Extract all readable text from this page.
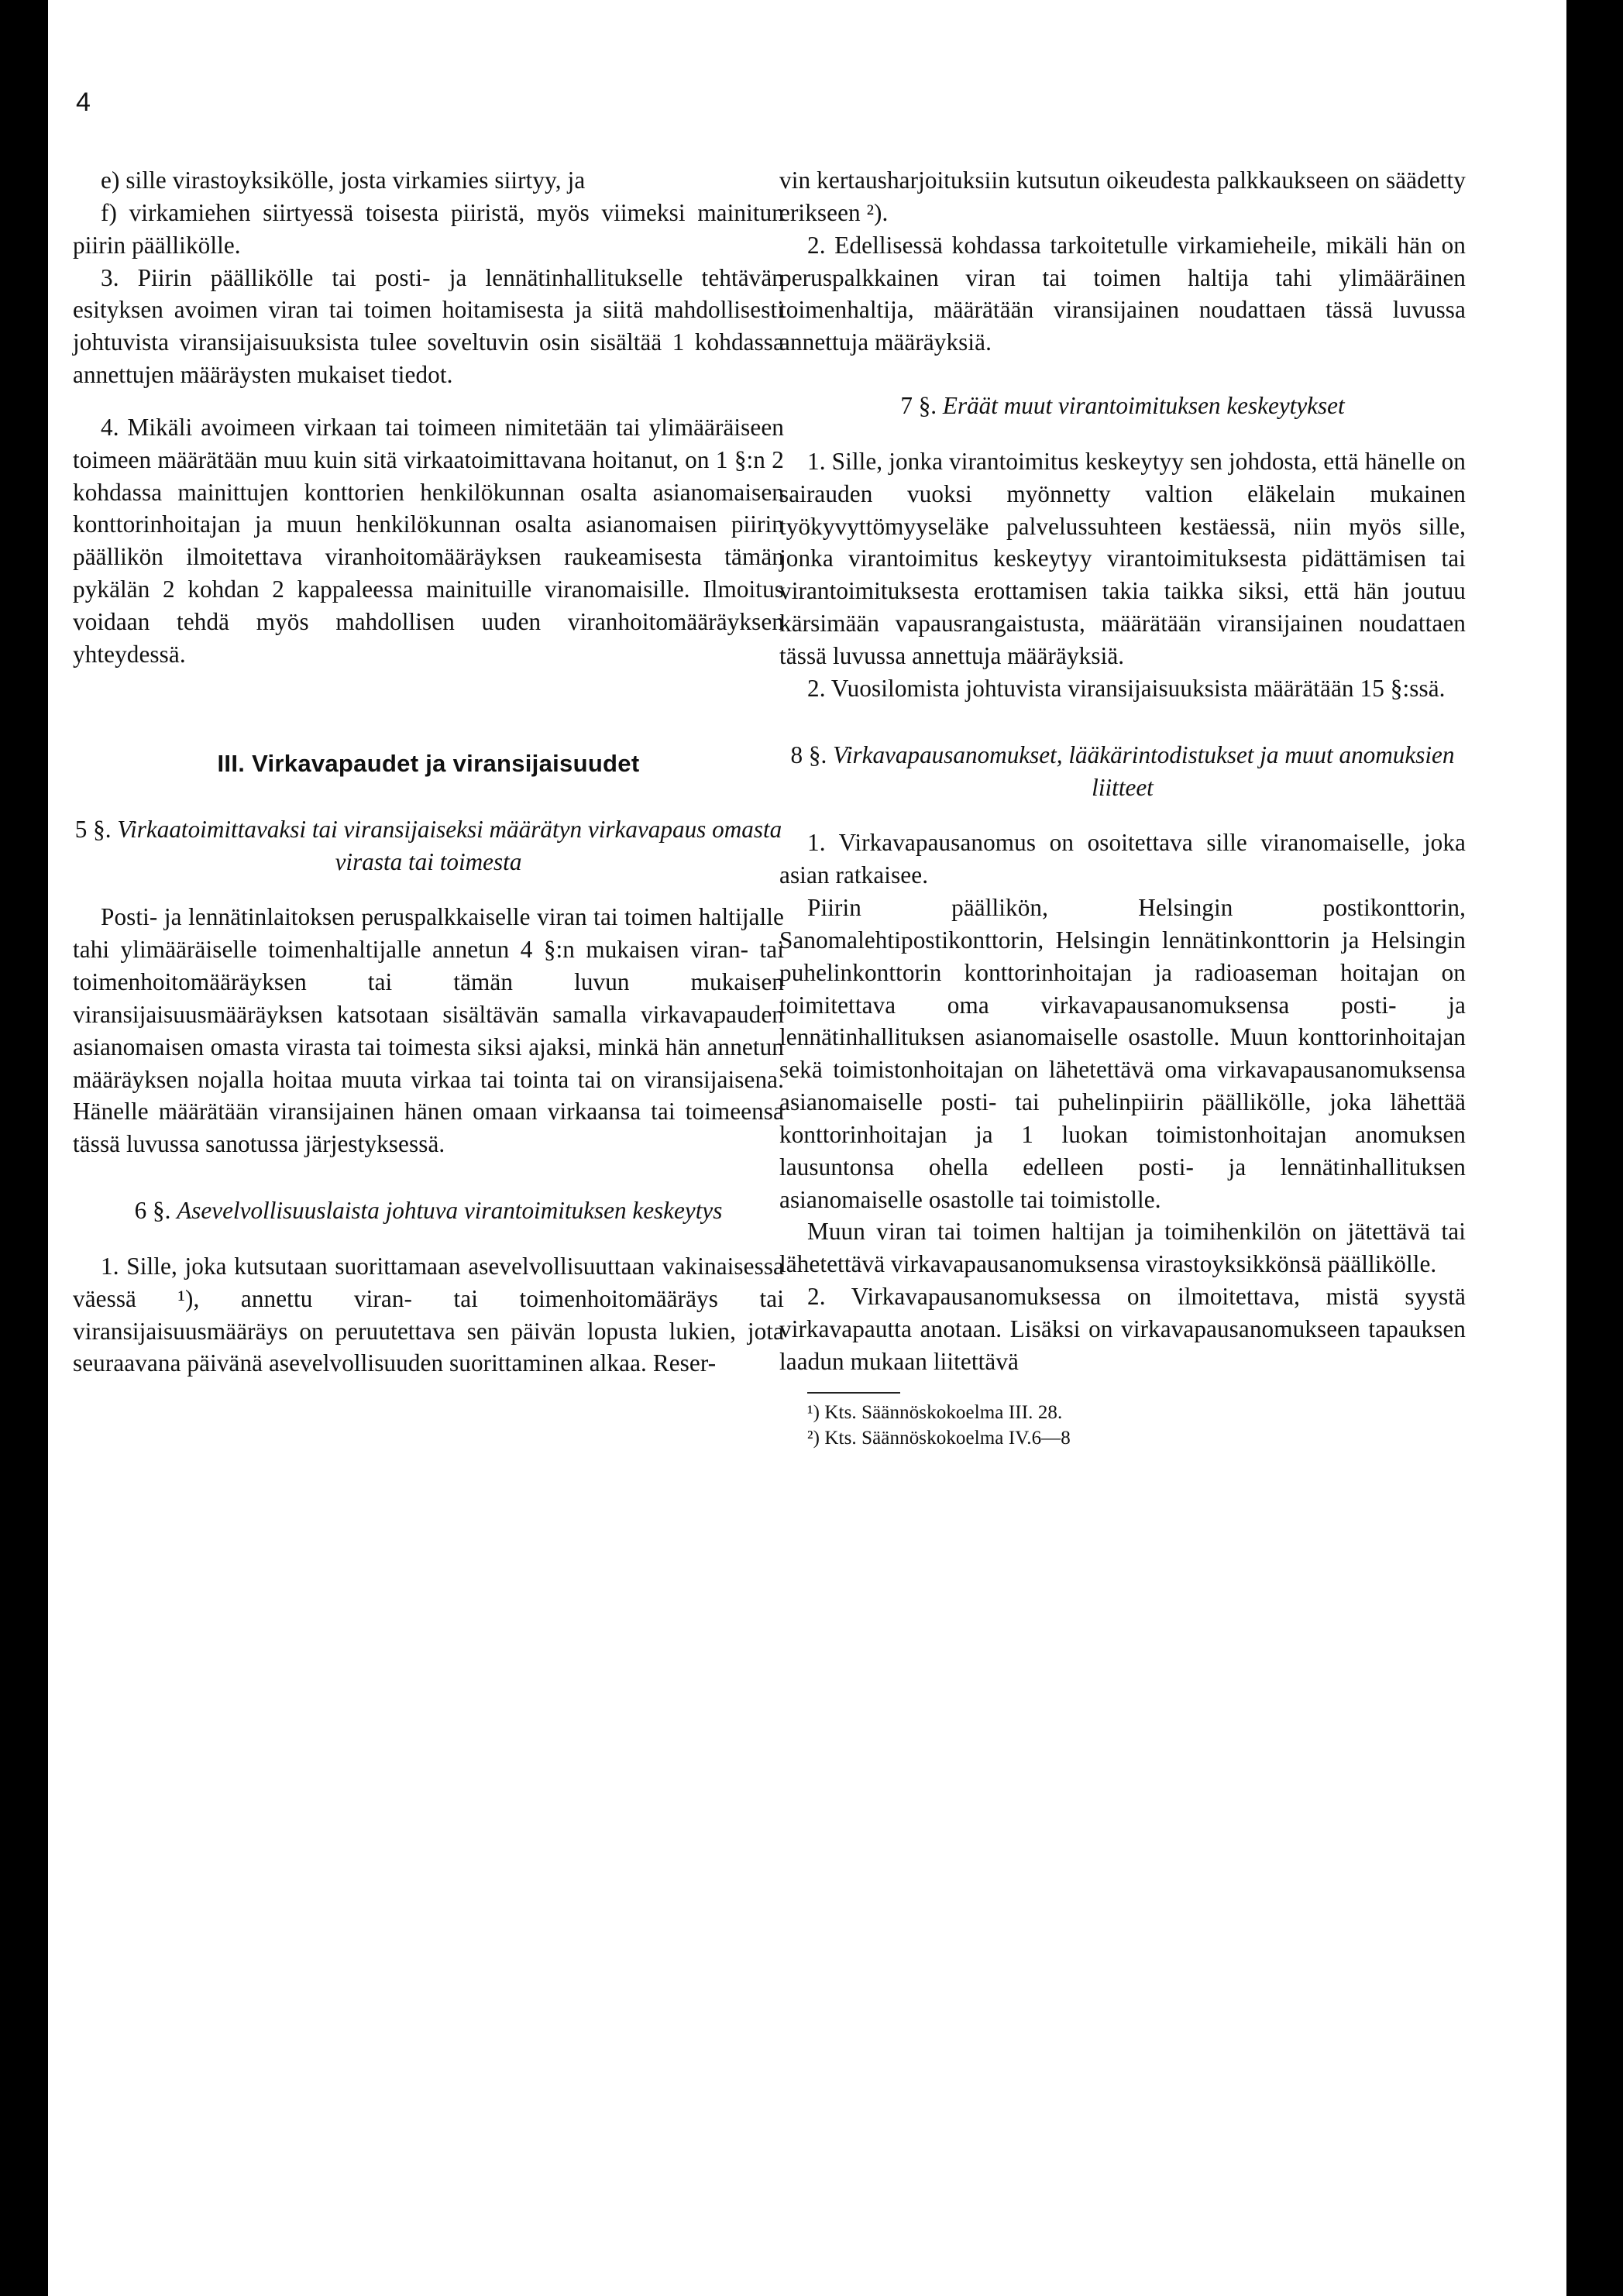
4

e) sille virastoyksikölle, josta virkamies siirtyy, ja

f) virkamiehen siirtyessä toisesta piiristä, myös viimeksi mainitun piirin päällikölle.

3. Piirin päällikölle tai posti- ja lennätinhallitukselle tehtävän esityksen avoimen viran tai toimen hoitamisesta ja siitä mahdollisesti johtuvista viransijaisuuksista tulee soveltuvin osin sisältää 1 kohdassa annettujen määräysten mukaiset tiedot.

4. Mikäli avoimeen virkaan tai toimeen nimitetään tai ylimääräiseen toimeen määrätään muu kuin sitä virkaatoimittavana hoitanut, on 1 §:n 2 kohdassa mainittujen konttorien henkilökunnan osalta asianomaisen konttorinhoitajan ja muun henkilökunnan osalta asianomaisen piirin päällikön ilmoitettava viranhoitomääräyksen raukeamisesta tämän pykälän 2 kohdan 2 kappaleessa mainituille viranomaisille. Ilmoitus voidaan tehdä myös mahdollisen uuden viranhoitomääräyksen yhteydessä.

III. Virkavapaudet ja viransijaisuudet
5 §. Virkaatoimittavaksi tai viransijaiseksi määrätyn virkavapaus omasta virasta tai toimesta

Posti- ja lennätinlaitoksen peruspalkkaiselle viran tai toimen haltijalle tahi ylimääräiselle toimenhaltijalle annetun 4 §:n mukaisen viran- tai toimenhoitomääräyksen tai tämän luvun mukaisen viransijaisuusmääräyksen katsotaan sisältävän samalla virkavapauden asianomaisen omasta virasta tai toimesta siksi ajaksi, minkä hän annetun määräyksen nojalla hoitaa muuta virkaa tai tointa tai on viransijaisena. Hänelle määrätään viransijainen hänen omaan virkaansa tai toimeensa tässä luvussa sanotussa järjestyksessä.

6 §. Asevelvollisuuslaista johtuva virantoimituksen keskeytys

1. Sille, joka kutsutaan suorittamaan asevelvollisuuttaan vakinaisessa väessä ¹), annettu viran- tai toimenhoitomääräys tai viransijaisuusmääräys on peruutettava sen päivän lopusta lukien, jota seuraavana päivänä asevelvollisuuden suorittaminen alkaa. Reser-

vin kertausharjoituksiin kutsutun oikeudesta palkkaukseen on säädetty erikseen ²).

2. Edellisessä kohdassa tarkoitetulle virkamieheile, mikäli hän on peruspalkkainen viran tai toimen haltija tahi ylimääräinen toimenhaltija, määrätään viransijainen noudattaen tässä luvussa annettuja määräyksiä.

7 §. Eräät muut virantoimituksen keskeytykset

1. Sille, jonka virantoimitus keskeytyy sen johdosta, että hänelle on sairauden vuoksi myönnetty valtion eläkelain mukainen työkyvyttömyyseläke palvelussuhteen kestäessä, niin myös sille, jonka virantoimitus keskeytyy virantoimituksesta pidättämisen tai virantoimituksesta erottamisen takia taikka siksi, että hän joutuu kärsimään vapausrangaistusta, määrätään viransijainen noudattaen tässä luvussa annettuja määräyksiä.

2. Vuosilomista johtuvista viransijaisuuksista määrätään 15 §:ssä.

8 §. Virkavapausanomukset, lääkärintodistukset ja muut anomuksien liitteet

1. Virkavapausanomus on osoitettava sille viranomaiselle, joka asian ratkaisee.

Piirin päällikön, Helsingin postikonttorin, Sanomalehtipostikonttorin, Helsingin lennätinkonttorin ja Helsingin puhelinkonttorin konttorinhoitajan ja radioaseman hoitajan on toimitettava oma virkavapausanomuksensa posti- ja lennätinhallituksen asianomaiselle osastolle. Muun konttorinhoitajan sekä toimistonhoitajan on lähetettävä oma virkavapausanomuksensa asianomaiselle posti- tai puhelinpiirin päällikölle, joka lähettää konttorinhoitajan ja 1 luokan toimistonhoitajan anomuksen lausuntonsa ohella edelleen posti- ja lennätinhallituksen asianomaiselle osastolle tai toimistolle.

Muun viran tai toimen haltijan ja toimihenkilön on jätettävä tai lähetettävä virkavapausanomuksensa virastoyksikkönsä päällikölle.

2. Virkavapausanomuksessa on ilmoitettava, mistä syystä virkavapautta anotaan. Lisäksi on virkavapausanomukseen tapauksen laadun mukaan liitettävä

¹) Kts. Säännöskokoelma III. 28.

²) Kts. Säännöskokoelma IV.6—8
